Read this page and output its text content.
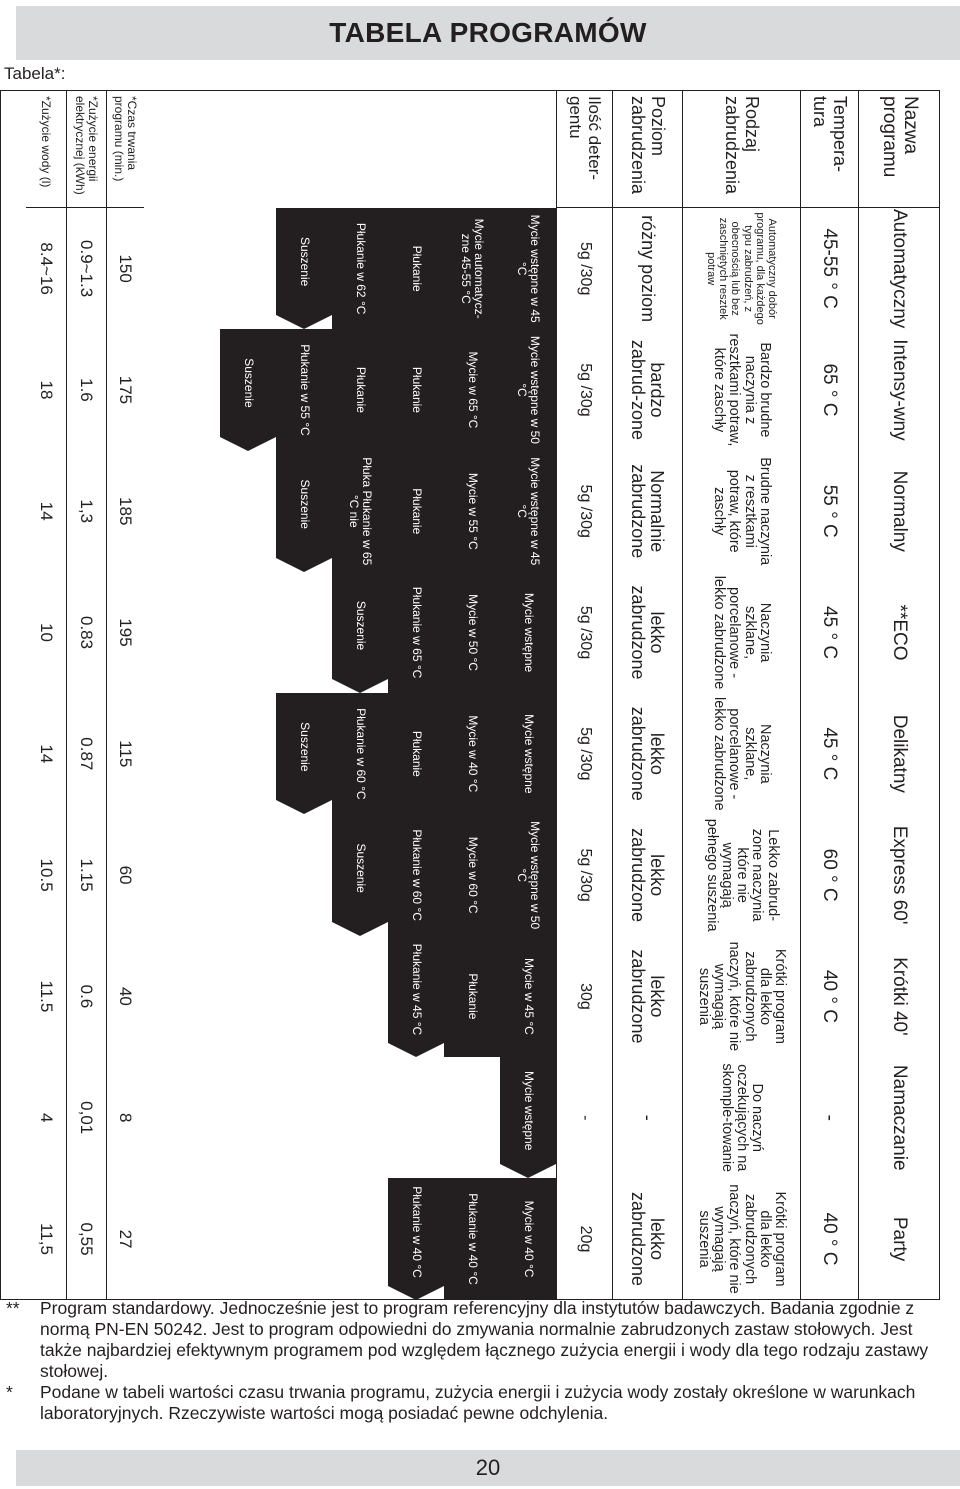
TABELA PROGRAMÓW
Tabela*:
Nazwa programu
Automatyczny
Intensy-wny
Normalny
**ECO
Delikatny
Express 60'
Krótki 40'
Namaczanie
Party
Tempera-tura
45-55 ° C
65 ° C
55 ° C
45 ° C
45 ° C
60 ° C
40 ° C
-
40 ° C
Rodzaj zabrudzenia
Automatyczny dobór programu, dla każdego typu zabrudzeń, z obecnością lub bez zaschniętych resztek potraw
Bardzo brudne naczynia z resztkami potraw, które zaschły
Brudne naczynia z resztkami potraw, które zaschły
Naczynia szklane, porcelanowe - lekko zabrudzone
Naczynia szklane, porcelanowe - lekko zabrudzone
Lekko zabrud-zone naczynia które nie wymagają pełnego suszenia
Krótki program dla lekko zabrudzonych naczyń, które nie wymagają suszenia
Do naczyń oczekujących na skomple-towanie
Krótki program dla lekko zabrudzonych naczyń, które nie wymagają suszenia
Poziom zabrudzenia
różny poziom
bardzo zabrud-zone
Normalnie zabrudzone
lekko zabrudzone
lekko zabrudzone
lekko zabrudzone
lekko zabrudzone
-
lekko zabrudzone
Ilość deter-gentu
5g /30g
5g /30g
5g /30g
5g /30g
5g /30g
5g /30g
30g
-
20g
Mycie wstępne w 45 °C
Mycie automatycz-zne 45-55 °C
Płukanie
Płukanie w 62 °C
Suszenie
Mycie wstępne w 50 °C
Mycie w 65 °C
Płukanie
Płukanie
Płukanie w 55 °C
Suszenie
Mycie wstępne w 45 °C
Mycie w 55 °C
Płukanie
Płuka Płukanie w 65 °C nie
Suszenie
Mycie wstępne
Mycie w 50 °C
Płukanie w 65 °C
Suszenie
Mycie wstępne
Mycie w 40 °C
Płukanie
Płukanie w 60 °C
Suszenie
Mycie wstępne w 50 °C
Mycie w 60 °C
Płukanie w 60 °C
Suszenie
Mycie w 45 °C
Płukanie
Płukanie w 45 °C
Mycie wstępne
Mycie w 40 °C
Płukanie w 40 °C
Płukanie w 40 °C
*Czas trwania programu (min.)
150
175
185
195
115
60
40
8
27
*Zużycie energii elektrycznej (kWh)
0.9~1.3
1.6
1,3
0.83
0.87
1.15
0.6
0,01
0,55
*Zużycie wody (l)
8.4~16
18
14
10
14
10.5
11.5
4
11,5
** Program standardowy. Jednocześnie jest to program referencyjny dla instytutów badawczych. Badania zgodnie z normą PN-EN 50242. Jest to program odpowiedni do zmywania normalnie zabrudzonych zastaw stołowych. Jest także najbardziej efektywnym programem pod względem łącznego zużycia energii i wody dla tego rodzaju zastawy stołowej.
* Podane w tabeli wartości czasu trwania programu, zużycia energii i zużycia wody zostały określone w warunkach laboratoryjnych. Rzeczywiste wartości mogą posiadać pewne odchylenia.
20
